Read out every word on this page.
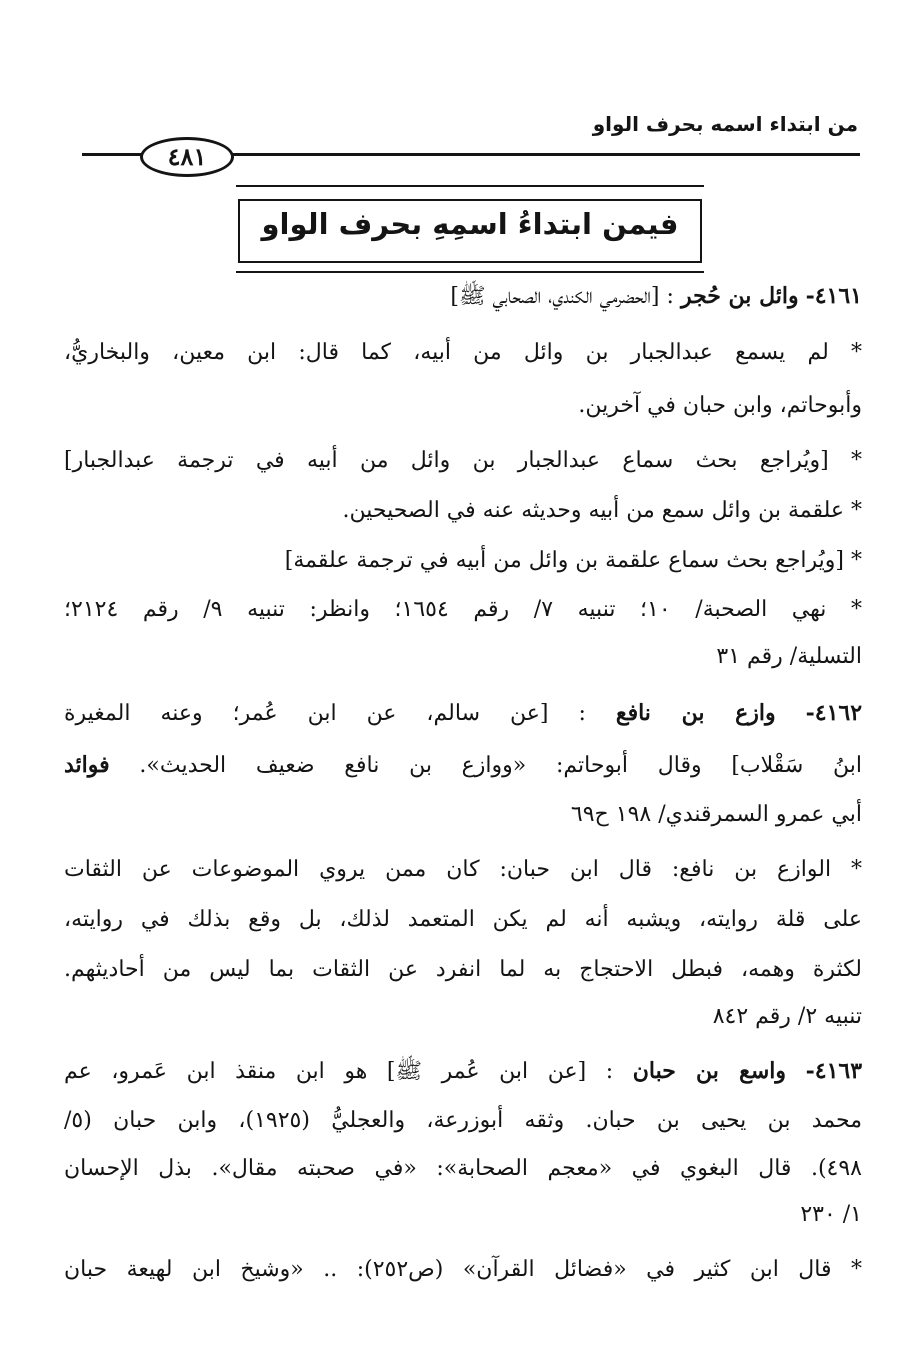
من ابتداء اسمه بحرف الواو
٤٨١
فيمن ابتداءُ اسمِهِ بحرف الواو
٤١٦١- وائل بن حُجر : [الحضرمي الكندي، الصحابي ﷺ]
* لم يسمع عبدالجبار بن وائل من أبيه، كما قال: ابن معين، والبخاريُّ،
وأبوحاتم، وابن حبان في آخرين.
* [ويُراجع بحث سماع عبدالجبار بن وائل من أبيه في ترجمة عبدالجبار]
* علقمة بن وائل سمع من أبيه وحديثه عنه في الصحيحين.
* [ويُراجع بحث سماع علقمة بن وائل من أبيه في ترجمة علقمة]
* نهي الصحبة/ ١٠؛ تنبيه ٧/ رقم ١٦٥٤؛ وانظر: تنبيه ٩/ رقم ٢١٢٤؛
التسلية/ رقم ٣١
٤١٦٢- وازع بن نافع : [عن سالم، عن ابن عُمر؛ وعنه المغيرة
ابنُ سَقْلاب] وقال أبوحاتم: «ووازع بن نافع ضعيف الحديث». فوائد
أبي عمرو السمرقندي/ ١٩٨ ح٦٩
* الوازع بن نافع: قال ابن حبان: كان ممن يروي الموضوعات عن الثقات
على قلة روايته، ويشبه أنه لم يكن المتعمد لذلك، بل وقع بذلك في روايته،
لكثرة وهمه، فبطل الاحتجاج به لما انفرد عن الثقات بما ليس من أحاديثهم.
تنبيه ٢/ رقم ٨٤٢
٤١٦٣- واسع بن حبان : [عن ابن عُمر ﷺ] هو ابن منقذ ابن عَمرو، عم
محمد بن يحيى بن حبان. وثقه أبوزرعة، والعجليُّ (١٩٢٥)، وابن حبان (٥/
٤٩٨). قال البغوي في «معجم الصحابة»: «في صحبته مقال». بذل الإحسان
١/ ٢٣٠
* قال ابن كثير في «فضائل القرآن» (ص٢٥٢): .. «وشيخ ابن لهيعة حبان
